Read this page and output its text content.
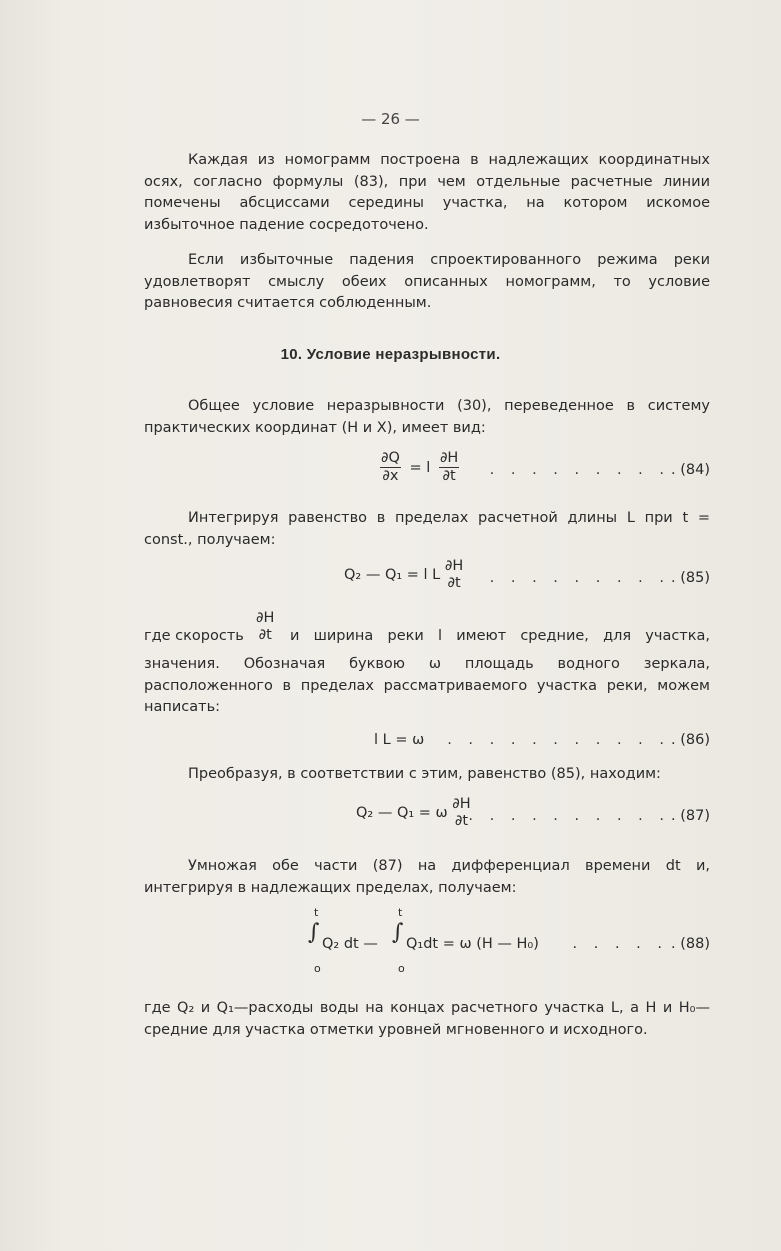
— 26 —
Каждая из номограмм построена в надлежащих координатных осях, согласно формулы (83), при чем отдельные расчетные линии помечены абсциссами середины участка, на котором искомое избыточное падение сосредоточено.
Если избыточные падения спроектированного режима реки удовлетворят смыслу обеих описанных номограмм, то условие равновесия считается соблюденным.
10. Условие неразрывности.
Общее условие неразрывности (30), переведенное в систему практических координат (Н и X), имеет вид:
$\frac{\partial Q}{\partial x} = l \frac{\partial H}{\partial t}$ . . . . . . . . . . (84)
Интегрируя равенство в пределах расчетной длины L при t = const., получаем:
Q₂ — Q₁ = l L
∂H
∂t . . . . . . . . . . (85)
где скорость
∂H
∂t и ширина реки l имеют средние, для участка,
значения. Обозначая буквою ω площадь водного зеркала, расположенного в пределах рассматриваемого участка реки, можем написать:
l L = ω . . . . . . . . . . . . (86)
Преобразуя, в соответствии с этим, равенство (85), находим:
Q₂ — Q₁ = ω
∂H
∂t . . . . . . . . . . . (87)
Умножая обе части (87) на дифференциал времени dt и, интегрируя в надлежащих пределах, получаем:
t
∫
o
Q₂ dt —
t
∫
o
Q₁dt = ω (H — H₀) . . . . . . (88)
где Q₂ и Q₁—расходы воды на концах расчетного участка L, а Н и Н₀—средние для участка отметки уровней мгновенного и исходного.
